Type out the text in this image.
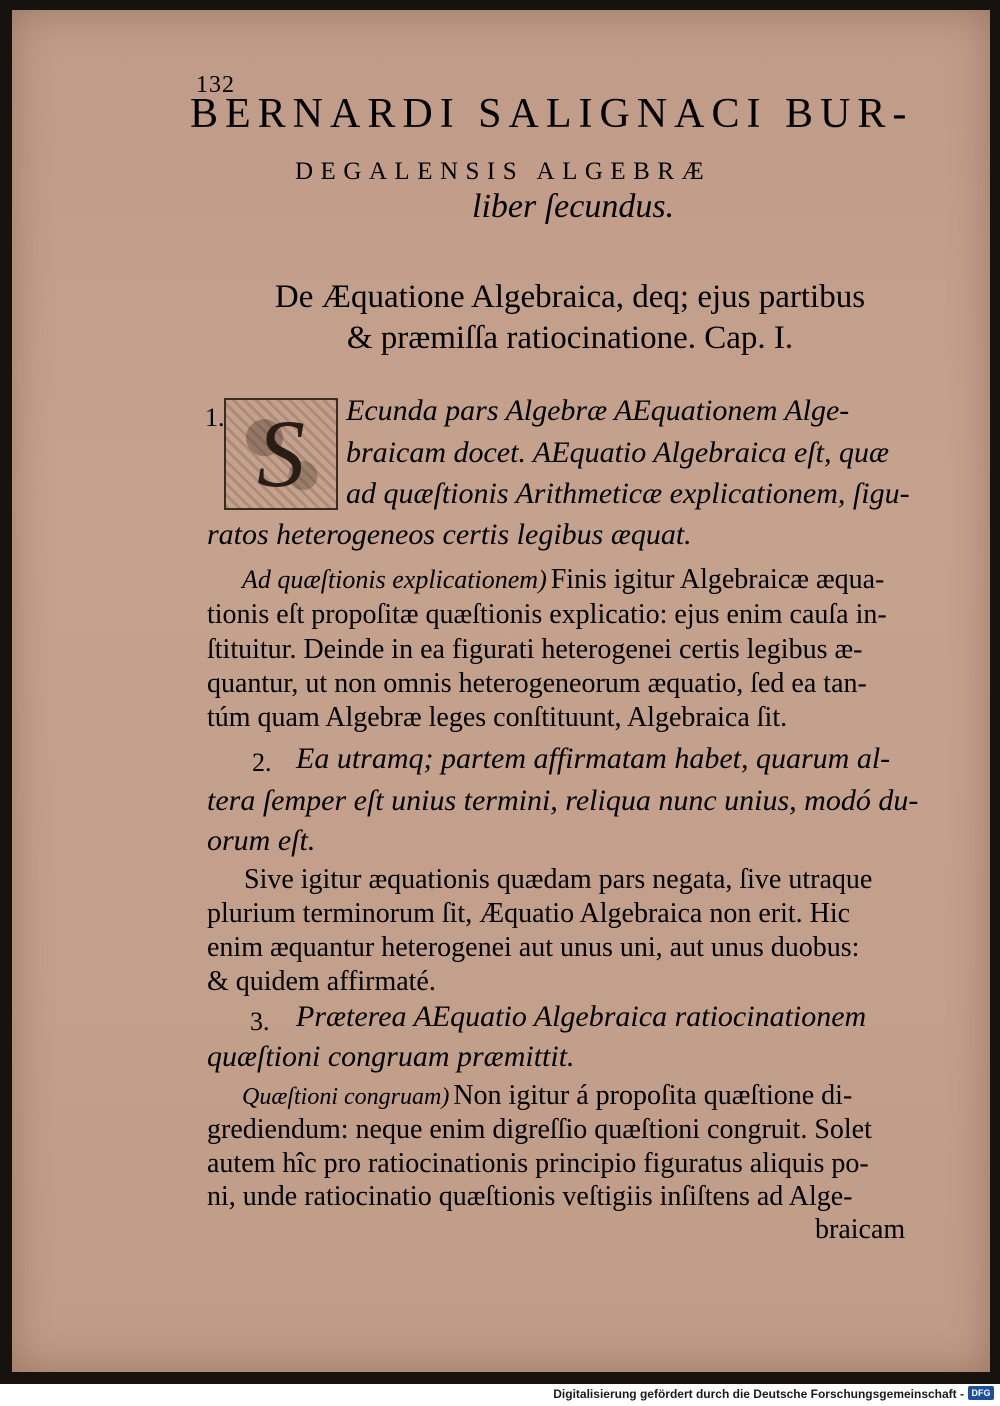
132
BERNARDI SALIGNACI BUR-
DEGALENSIS ALGEBRÆ
liber ſecundus.
De Æquatione Algebraica, deq; ejus partibus
& præmiſſa ratiocinatione. Cap. I.
1. S	Ecunda pars Algebræ AEquationem Alge-
braicam docet. AEquatio Algebraica eſt, quæ
ad quæſtionis Arithmeticæ explicationem, ſigu-
ratos heterogeneos certis legibus æquat.
Ad quæſtionis explicationem) Finis igitur Algebraicæ æqua-
tionis eſt propoſitæ quæſtionis explicatio: ejus enim cauſa in-
ſtituitur. Deinde in ea figurati heterogenei certis legibus æ-
quantur, ut non omnis heterogeneorum æquatio, ſed ea tan-
túm quam Algebræ leges conſtituunt, Algebraica ſit.
2. Ea utramq; partem affirmatam habet, quarum al-
tera ſemper eſt unius termini, reliqua nunc unius, modó du-
orum eſt.
Sive igitur æquationis quædam pars negata, ſive utraque
plurium terminorum ſit, Æquatio Algebraica non erit. Hic
enim æquantur heterogenei aut unus uni, aut unus duobus:
& quidem affirmaté.
3. Præterea AEquatio Algebraica ratiocinationem
quæſtioni congruam præmittit.
Quæſtioni congruam) Non igitur á propoſita quæſtione di-
grediendum: neque enim digreſſio quæſtioni congruit. Solet
autem hîc pro ratiocinationis principio figuratus aliquis po-
ni, unde ratiocinatio quæſtionis veſtigiis inſiſtens ad Alge-
braicam
Digitalisierung gefördert durch die Deutsche Forschungsgemeinschaft - DFG
